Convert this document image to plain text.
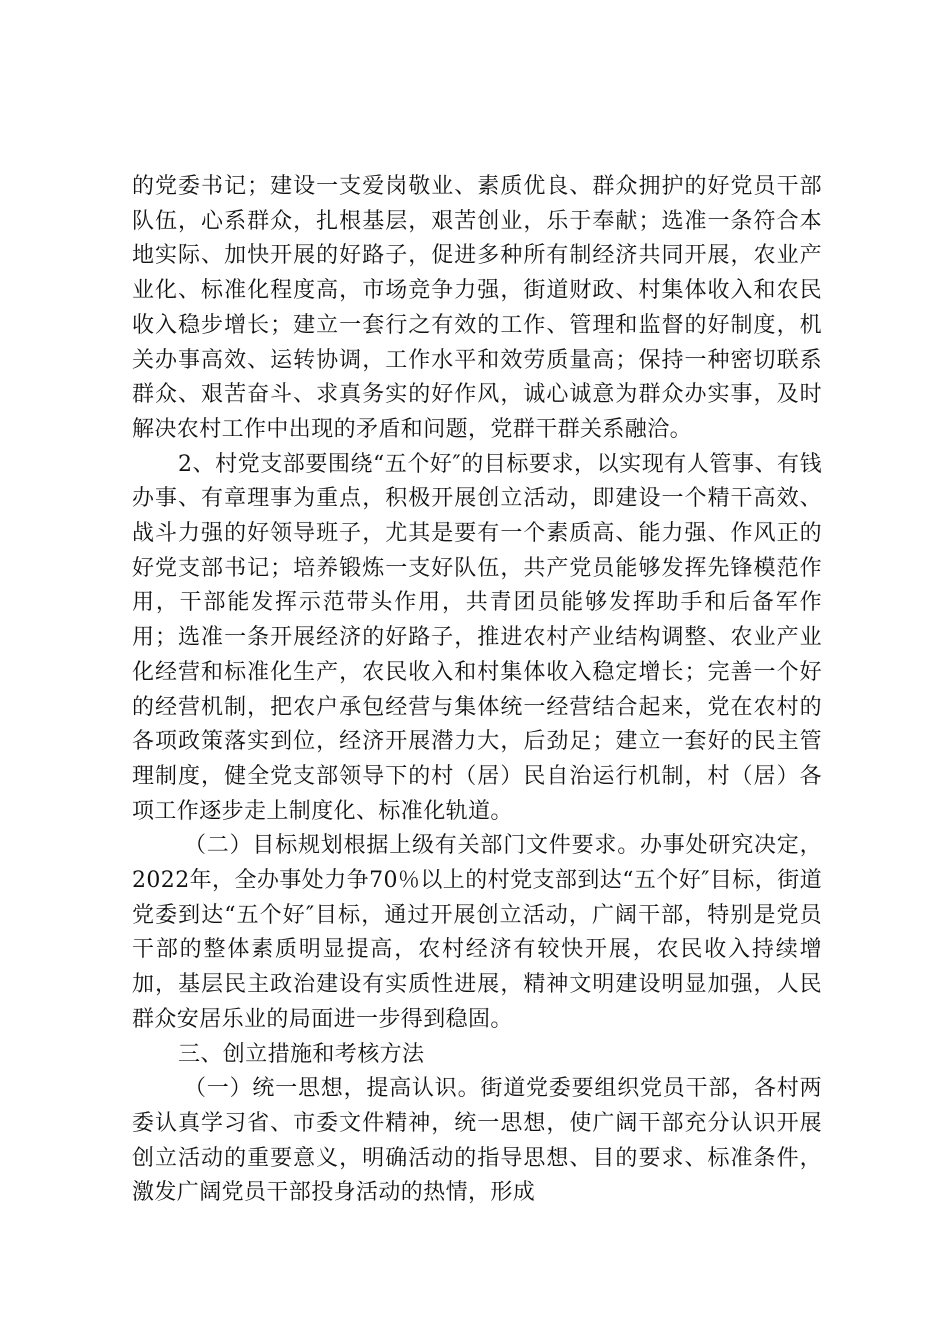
的党委书记；建设一支爱岗敬业、素质优良、群众拥护的好党员干部队伍，心系群众，扎根基层，艰苦创业，乐于奉献；选准一条符合本地实际、加快开展的好路子，促进多种所有制经济共同开展，农业产业化、标准化程度高，市场竞争力强，街道财政、村集体收入和农民收入稳步增长；建立一套行之有效的工作、管理和监督的好制度，机关办事高效、运转协调，工作水平和效劳质量高；保持一种密切联系群众、艰苦奋斗、求真务实的好作风，诚心诚意为群众办实事，及时解决农村工作中出现的矛盾和问题，党群干群关系融洽。

2、村党支部要围绕“五个好″的目标要求，以实现有人管事、有钱办事、有章理事为重点，积极开展创立活动，即建设一个精干高效、战斗力强的好领导班子，尤其是要有一个素质高、能力强、作风正的好党支部书记；培养锻炼一支好队伍，共产党员能够发挥先锋模范作用，干部能发挥示范带头作用，共青团员能够发挥助手和后备军作用；选准一条开展经济的好路子，推进农村产业结构调整、农业产业化经营和标准化生产，农民收入和村集体收入稳定增长；完善一个好的经营机制，把农户承包经营与集体统一经营结合起来，党在农村的各项政策落实到位，经济开展潜力大，后劲足；建立一套好的民主管理制度，健全党支部领导下的村（居）民自治运行机制，村（居）各项工作逐步走上制度化、标准化轨道。

（二）目标规划根据上级有关部门文件要求。办事处研究决定，2022年，全办事处力争70％以上的村党支部到达“五个好″目标，街道党委到达“五个好″目标，通过开展创立活动，广阔干部，特别是党员干部的整体素质明显提高，农村经济有较快开展，农民收入持续增加，基层民主政治建设有实质性进展，精神文明建设明显加强，人民群众安居乐业的局面进一步得到稳固。

三、创立措施和考核方法

（一）统一思想，提高认识。街道党委要组织党员干部，各村两委认真学习省、市委文件精神，统一思想，使广阔干部充分认识开展创立活动的重要意义，明确活动的指导思想、目的要求、标准条件，激发广阔党员干部投身活动的热情，形成
